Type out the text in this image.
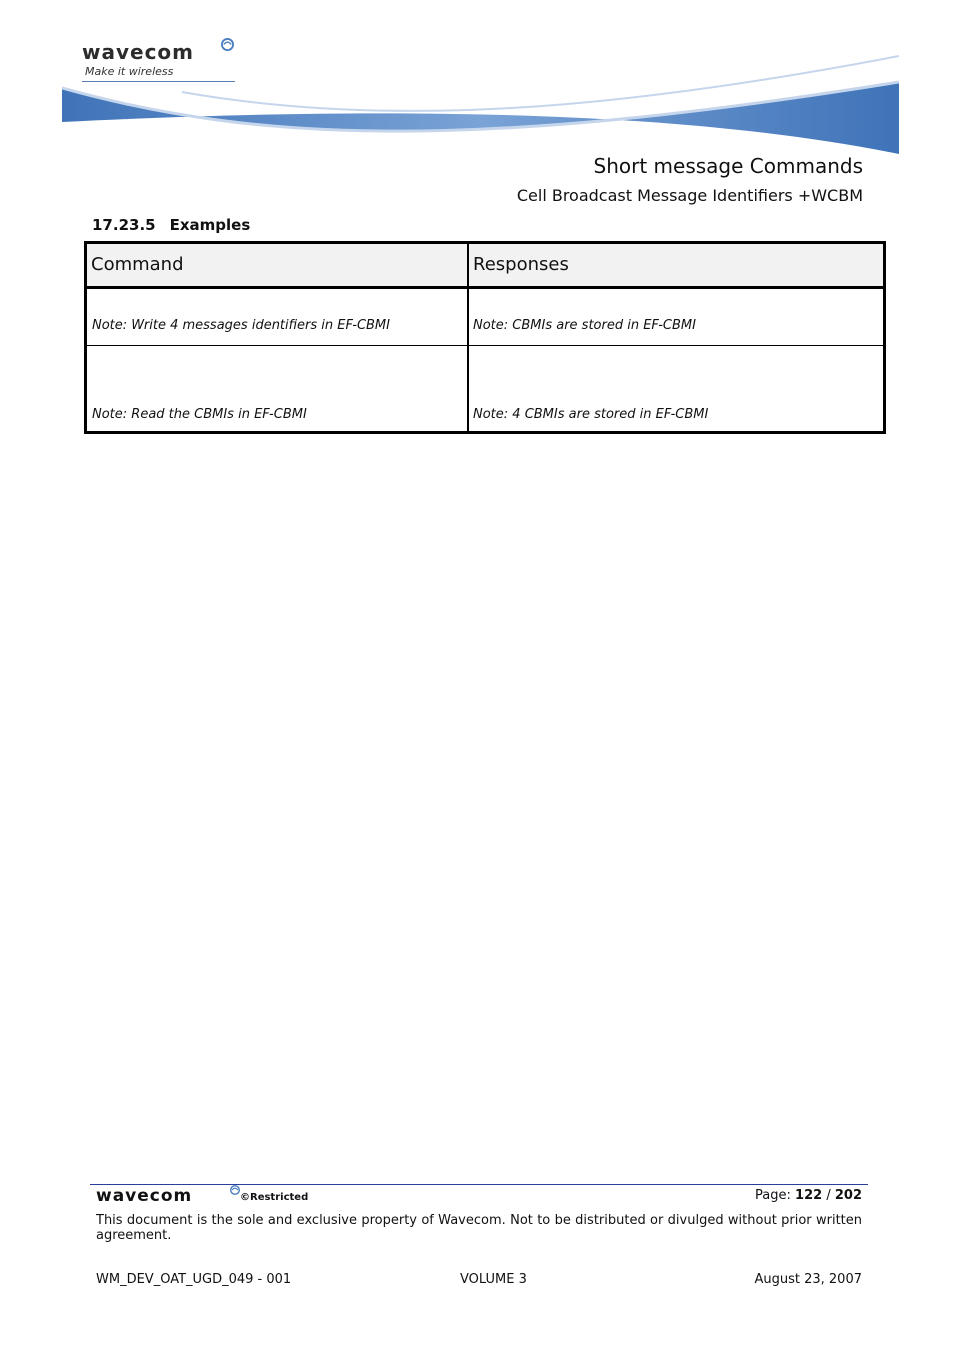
wavecom
Make it wireless
Short message Commands
Cell Broadcast Message Identifiers +WCBM
17.23.5 Examples
Command	Responses
Note: Write 4 messages identifiers in EF-CBMI	Note: CBMIs are stored in EF-CBMI
Note: Read the CBMIs in EF-CBMI	Note: 4 CBMIs are stored in EF-CBMI
wavecom	©Restricted	Page: 122 / 202
This document is the sole and exclusive property of Wavecom. Not to be distributed or divulged without prior written agreement.
WM_DEV_OAT_UGD_049 - 001	VOLUME 3	August 23, 2007
